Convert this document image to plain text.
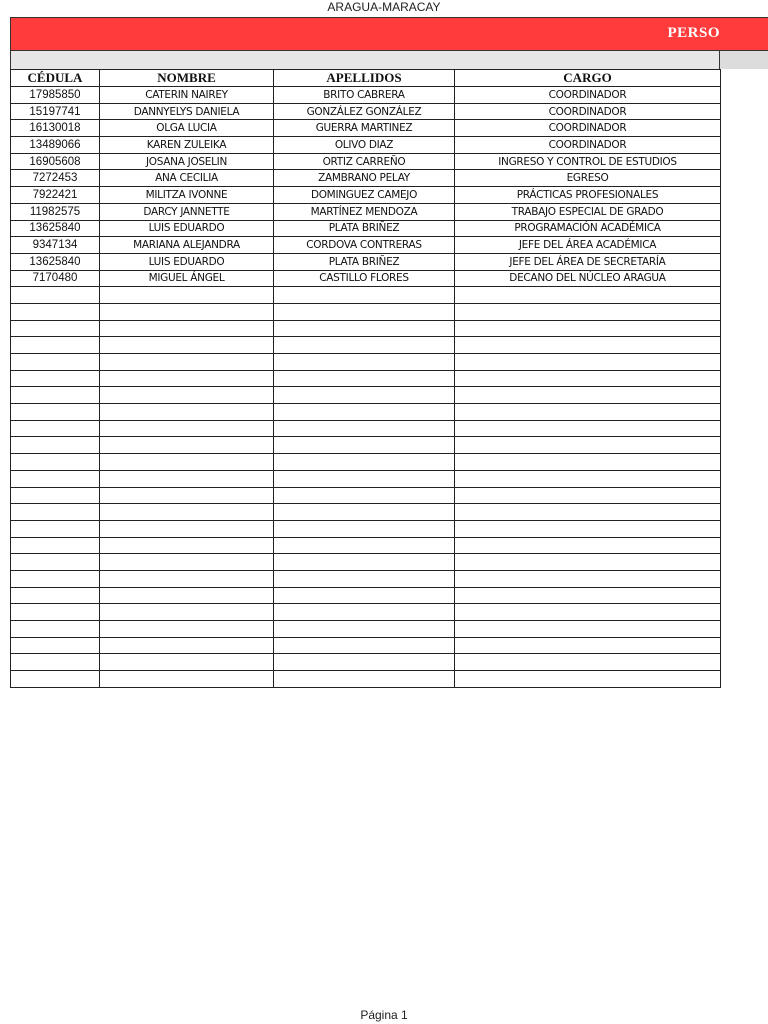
ARAGUA-MARACAY
PERSO
CÉDULA	NOMBRE	APELLIDOS	CARGO
17985850	CATERIN NAIREY	BRITO CABRERA	COORDINADOR
15197741	DANNYELYS DANIELA	GONZÁLEZ GONZÁLEZ	COORDINADOR
16130018	OLGA LUCIA	GUERRA MARTINEZ	COORDINADOR
13489066	KAREN ZULEIKA	OLIVO DIAZ	COORDINADOR
16905608	JOSANA JOSELIN	ORTIZ CARREÑO	INGRESO Y CONTROL DE ESTUDIOS
7272453	ANA CECILIA	ZAMBRANO PELAY	EGRESO
7922421	MILITZA IVONNE	DOMINGUEZ CAMEJO	PRÁCTICAS PROFESIONALES
11982575	DARCY JANNETTE	MARTÍNEZ MENDOZA	TRABAJO ESPECIAL DE GRADO
13625840	LUIS EDUARDO	PLATA BRIÑEZ	PROGRAMACIÓN ACADÉMICA
9347134	MARIANA ALEJANDRA	CORDOVA CONTRERAS	JEFE DEL ÁREA ACADÉMICA
13625840	LUIS EDUARDO	PLATA BRIÑEZ	JEFE DEL ÁREA DE SECRETARÍA
7170480	MIGUEL ÁNGEL	CASTILLO FLORES	DECANO DEL NÚCLEO ARAGUA

Página 1
